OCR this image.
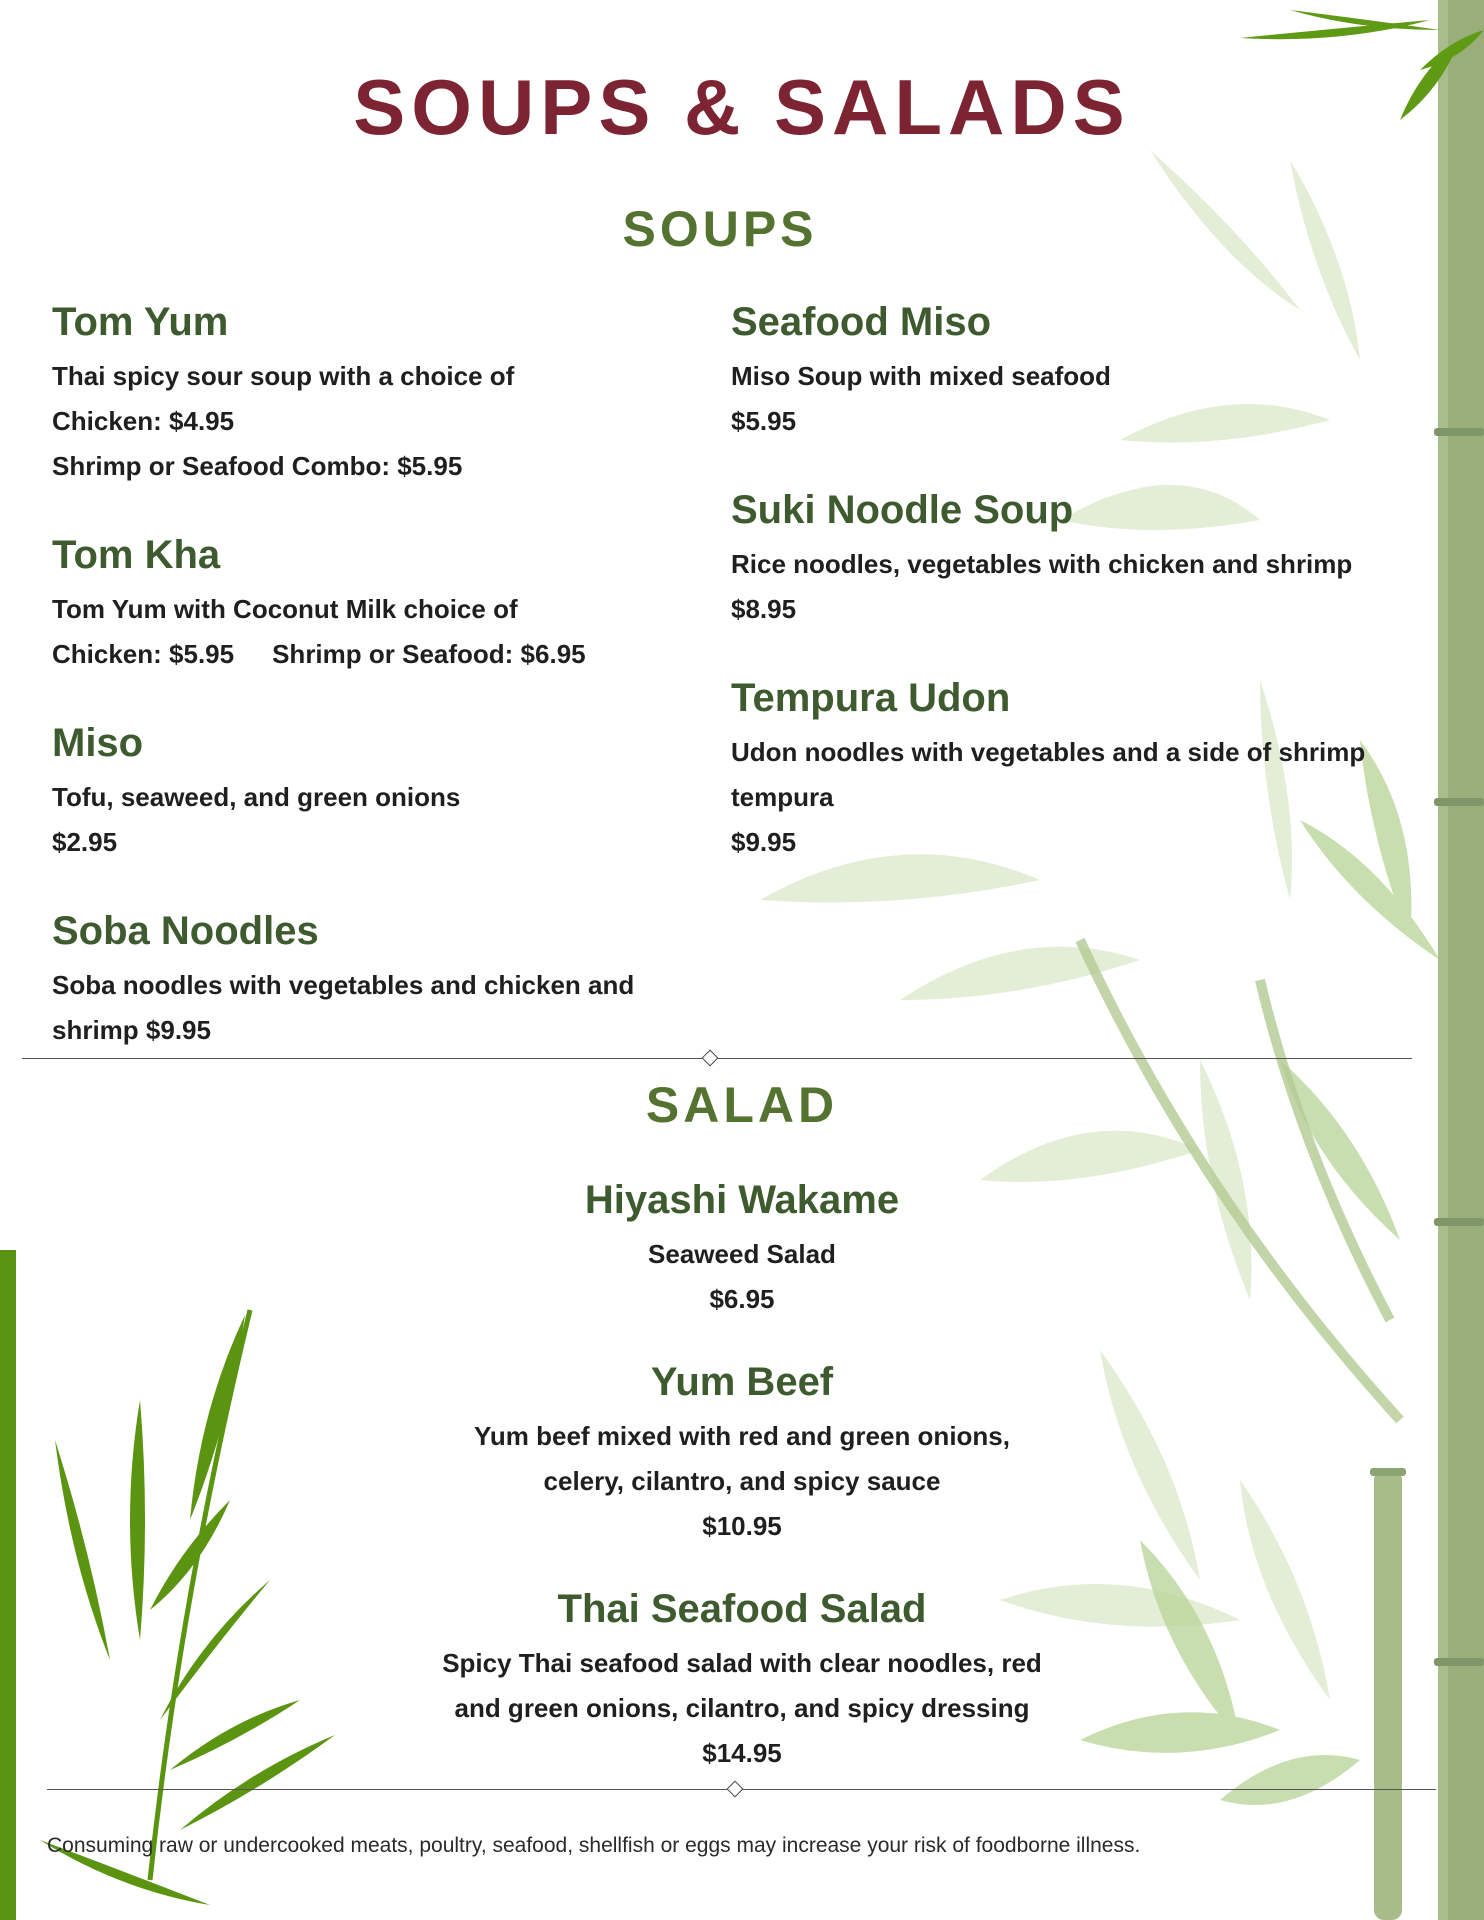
SOUPS & SALADS
SOUPS

Tom Yum

Thai spicy sour soup with a choice of

Chicken: $4.95

Shrimp or Seafood Combo: $5.95

Tom Kha

Tom Yum with Coconut Milk choice of

Chicken: $5.95 Shrimp or Seafood: $6.95

Miso

Tofu, seaweed, and green onions

$2.95

Soba Noodles

Soba noodles with vegetables and chicken and

shrimp $9.95

Seafood Miso

Miso Soup with mixed seafood

$5.95

Suki Noodle Soup

Rice noodles, vegetables with chicken and shrimp

$8.95

Tempura Udon

Udon noodles with vegetables and a side of shrimp

tempura

$9.95

SALAD

Hiyashi Wakame

Seaweed Salad

$6.95

Yum Beef

Yum beef mixed with red and green onions,

celery, cilantro, and spicy sauce

$10.95

Thai Seafood Salad

Spicy Thai seafood salad with clear noodles, red

and green onions, cilantro, and spicy dressing

$14.95

Consuming raw or undercooked meats, poultry, seafood, shellfish or eggs may increase your risk of foodborne illness.
